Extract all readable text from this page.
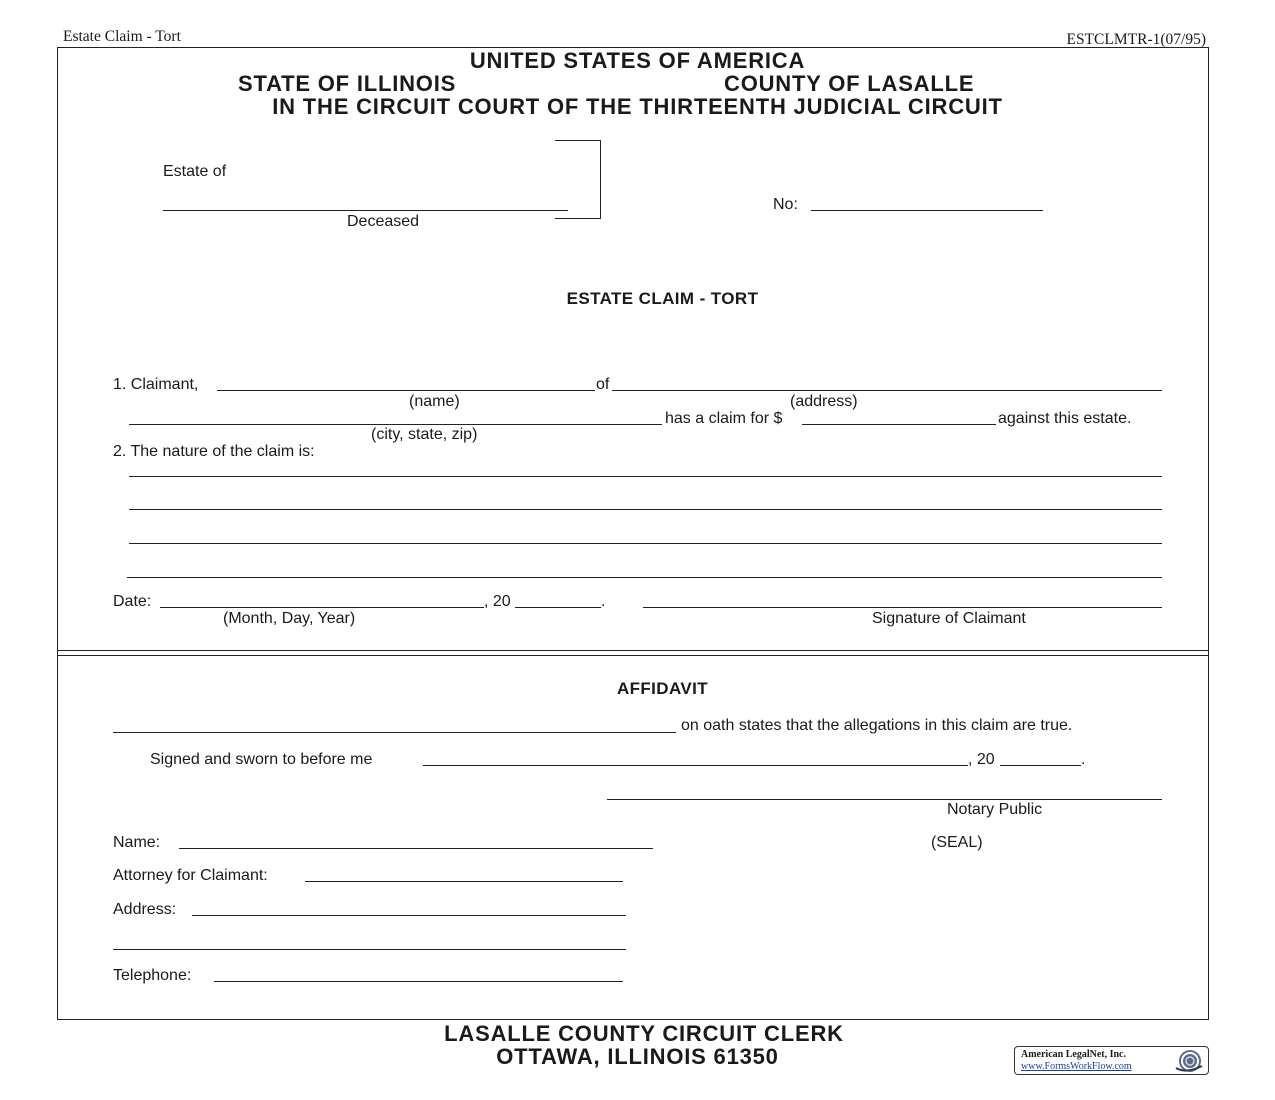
Estate Claim - Tort	ESTCLMTR-1(07/95)
UNITED STATES OF AMERICA
STATE OF ILLINOIS	COUNTY OF LASALLE
IN THE CIRCUIT COURT OF THE THIRTEENTH JUDICIAL CIRCUIT
Estate of
Deceased
No:
ESTATE CLAIM - TORT
1. Claimant,	of
(name)	(address)
has a claim for $	against this estate.
(city, state, zip)
2. The nature of the claim is:
Date:	, 20	.
(Month, Day, Year)	Signature of Claimant
AFFIDAVIT
on oath states that the allegations in this claim are true.
Signed and sworn to before me	, 20	.
Notary Public
(SEAL)
Name:
Attorney for Claimant:
Address:
Telephone:
LASALLE COUNTY CIRCUIT CLERK
OTTAWA, ILLINOIS 61350	American LegalNet, Inc.
www.FormsWorkFlow.com
